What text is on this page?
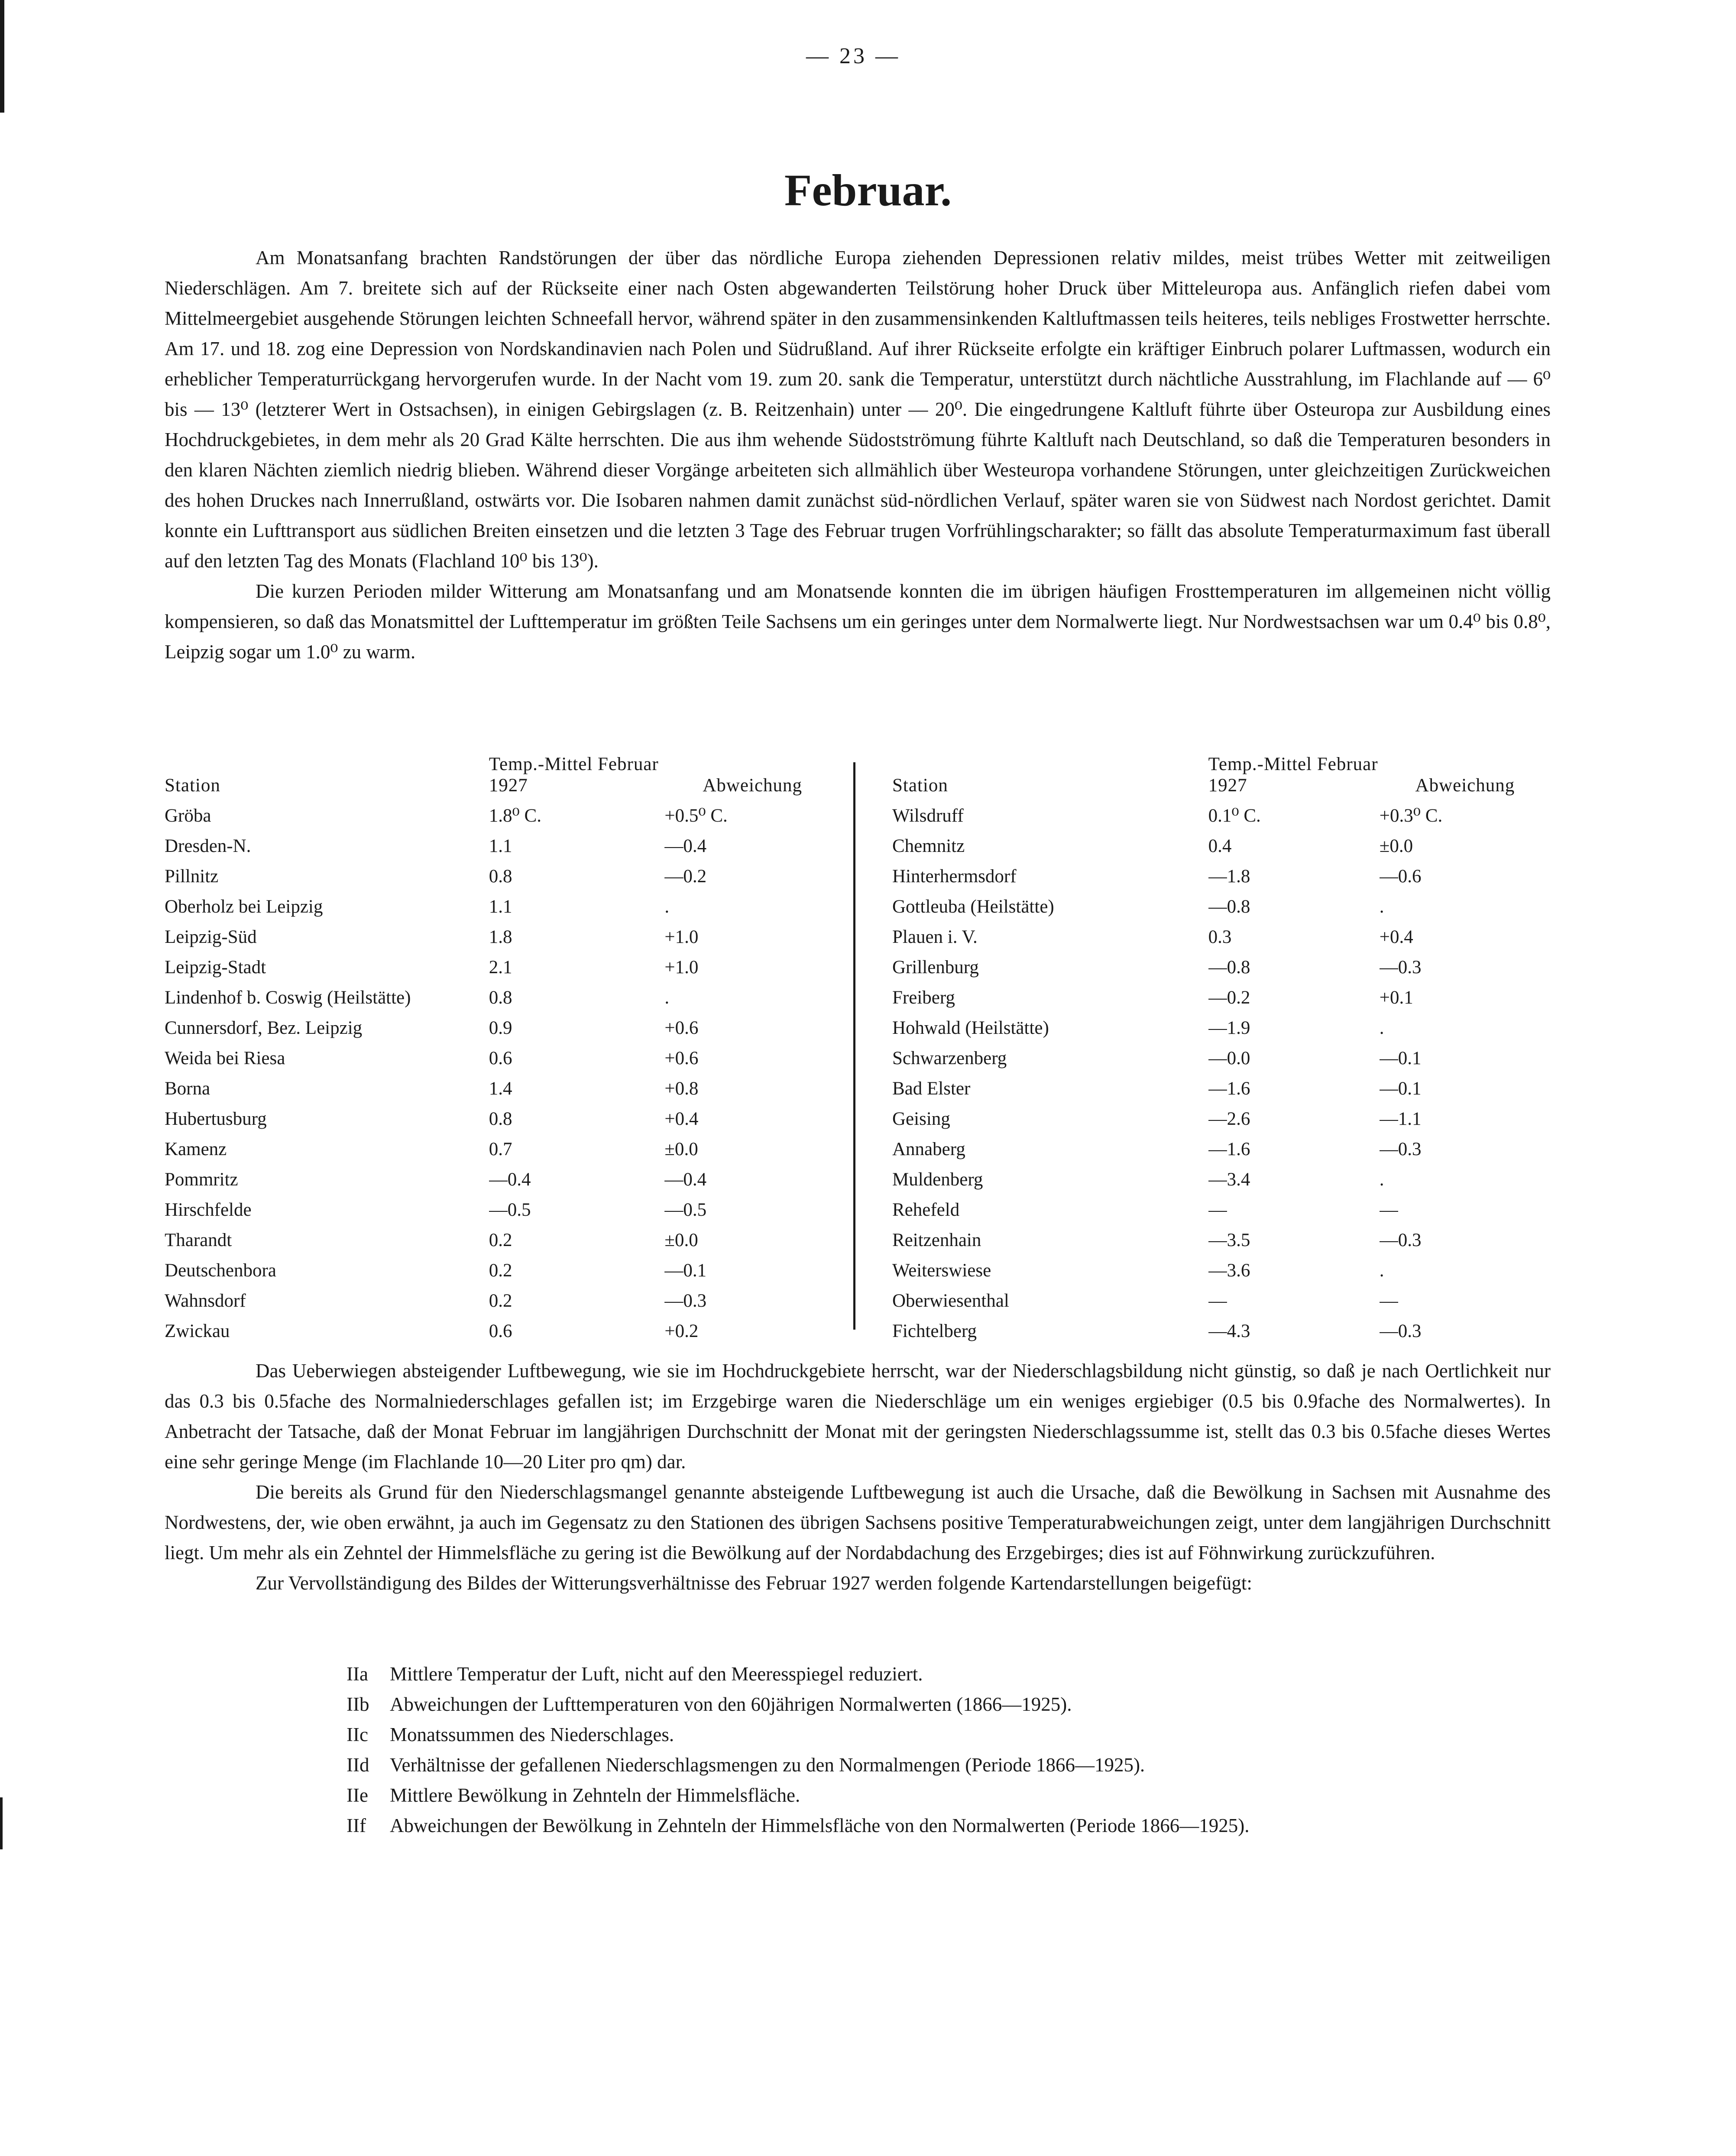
— 23 —
Februar.

Am Monatsanfang brachten Randstörungen der über das nördliche Europa ziehenden Depressionen relativ mildes, meist trübes Wetter mit zeitweiligen Niederschlägen. Am 7. breitete sich auf der Rückseite einer nach Osten abgewanderten Teilstörung hoher Druck über Mitteleuropa aus. Anfänglich riefen dabei vom Mittelmeergebiet ausgehende Störungen leichten Schneefall hervor, während später in den zusammensinkenden Kaltluftmassen teils heiteres, teils nebliges Frostwetter herrschte. Am 17. und 18. zog eine Depression von Nordskandinavien nach Polen und Südrußland. Auf ihrer Rückseite erfolgte ein kräftiger Einbruch polarer Luftmassen, wodurch ein erheblicher Temperaturrückgang hervorgerufen wurde. In der Nacht vom 19. zum 20. sank die Temperatur, unterstützt durch nächtliche Ausstrahlung, im Flachlande auf — 6⁰ bis — 13⁰ (letzterer Wert in Ostsachsen), in einigen Gebirgslagen (z. B. Reitzenhain) unter — 20⁰. Die eingedrungene Kaltluft führte über Osteuropa zur Ausbildung eines Hochdruckgebietes, in dem mehr als 20 Grad Kälte herrschten. Die aus ihm wehende Südostströmung führte Kaltluft nach Deutschland, so daß die Temperaturen besonders in den klaren Nächten ziemlich niedrig blieben. Während dieser Vorgänge arbeiteten sich allmählich über Westeuropa vorhandene Störungen, unter gleichzeitigen Zurückweichen des hohen Druckes nach Innerrußland, ostwärts vor. Die Isobaren nahmen damit zunächst süd-nördlichen Verlauf, später waren sie von Südwest nach Nordost gerichtet. Damit konnte ein Lufttransport aus südlichen Breiten einsetzen und die letzten 3 Tage des Februar trugen Vorfrühlingscharakter; so fällt das absolute Temperaturmaximum fast überall auf den letzten Tag des Monats (Flachland 10⁰ bis 13⁰).

Die kurzen Perioden milder Witterung am Monatsanfang und am Monatsende konnten die im übrigen häufigen Frosttemperaturen im allgemeinen nicht völlig kompensieren, so daß das Monatsmittel der Lufttemperatur im größten Teile Sachsens um ein geringes unter dem Normalwerte liegt. Nur Nordwestsachsen war um 0.4⁰ bis 0.8⁰, Leipzig sogar um 1.0⁰ zu warm.

Station	Temp.-Mittel Februar 1927	Abweichung
Gröba	1.8⁰ C.	+0.5⁰ C.
Dresden-N.	1.1	—0.4
Pillnitz	0.8	—0.2
Oberholz bei Leipzig	1.1	.
Leipzig-Süd	1.8	+1.0
Leipzig-Stadt	2.1	+1.0
Lindenhof b. Coswig (Heilstätte)	0.8	.
Cunnersdorf, Bez. Leipzig	0.9	+0.6
Weida bei Riesa	0.6	+0.6
Borna	1.4	+0.8
Hubertusburg	0.8	+0.4
Kamenz	0.7	±0.0
Pommritz	—0.4	—0.4
Hirschfelde	—0.5	—0.5
Tharandt	0.2	±0.0
Deutschenbora	0.2	—0.1
Wahnsdorf	0.2	—0.3
Zwickau	0.6	+0.2
Station	Temp.-Mittel Februar 1927	Abweichung
Wilsdruff	0.1⁰ C.	+0.3⁰ C.
Chemnitz	0.4	±0.0
Hinterhermsdorf	—1.8	—0.6
Gottleuba (Heilstätte)	—0.8	.
Plauen i. V.	0.3	+0.4
Grillenburg	—0.8	—0.3
Freiberg	—0.2	+0.1
Hohwald (Heilstätte)	—1.9	.
Schwarzenberg	—0.0	—0.1
Bad Elster	—1.6	—0.1
Geising	—2.6	—1.1
Annaberg	—1.6	—0.3
Muldenberg	—3.4	.
Rehefeld	—	—
Reitzenhain	—3.5	—0.3
Weiterswiese	—3.6	.
Oberwiesenthal	—	—
Fichtelberg	—4.3	—0.3

Das Ueberwiegen absteigender Luftbewegung, wie sie im Hochdruckgebiete herrscht, war der Niederschlagsbildung nicht günstig, so daß je nach Oertlichkeit nur das 0.3 bis 0.5fache des Normalniederschlages gefallen ist; im Erzgebirge waren die Niederschläge um ein weniges ergiebiger (0.5 bis 0.9fache des Normalwertes). In Anbetracht der Tatsache, daß der Monat Februar im langjährigen Durchschnitt der Monat mit der geringsten Niederschlagssumme ist, stellt das 0.3 bis 0.5fache dieses Wertes eine sehr geringe Menge (im Flachlande 10—20 Liter pro qm) dar.

Die bereits als Grund für den Niederschlagsmangel genannte absteigende Luftbewegung ist auch die Ursache, daß die Bewölkung in Sachsen mit Ausnahme des Nordwestens, der, wie oben erwähnt, ja auch im Gegensatz zu den Stationen des übrigen Sachsens positive Temperaturabweichungen zeigt, unter dem langjährigen Durchschnitt liegt. Um mehr als ein Zehntel der Himmelsfläche zu gering ist die Bewölkung auf der Nordabdachung des Erzgebirges; dies ist auf Föhnwirkung zurückzuführen.

Zur Vervollständigung des Bildes der Witterungsverhältnisse des Februar 1927 werden folgende Kartendarstellungen beigefügt:

IIa	Mittlere Temperatur der Luft, nicht auf den Meeresspiegel reduziert.
IIb	Abweichungen der Lufttemperaturen von den 60jährigen Normalwerten (1866—1925).
IIc	Monatssummen des Niederschlages.
IId	Verhältnisse der gefallenen Niederschlagsmengen zu den Normalmengen (Periode 1866—1925).
IIe	Mittlere Bewölkung in Zehnteln der Himmelsfläche.
IIf	Abweichungen der Bewölkung in Zehnteln der Himmelsfläche von den Normalwerten (Periode 1866—1925).
